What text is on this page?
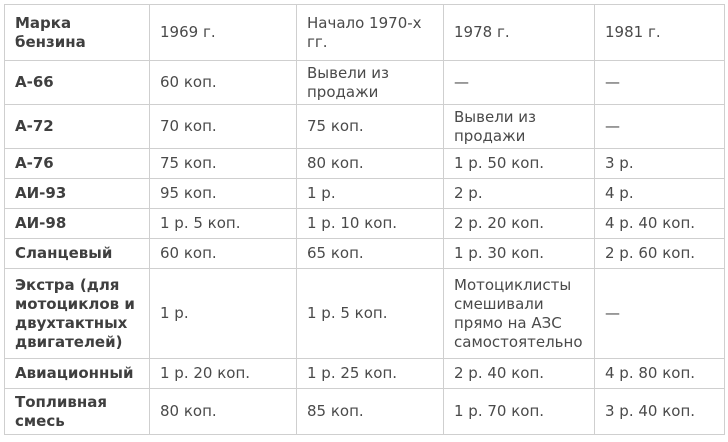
Марка бензина	1969 г.	Начало 1970-х гг.	1978 г.	1981 г.
А-66	60 коп.	Вывели из продажи	—	—
А-72	70 коп.	75 коп.	Вывели из продажи	—
А-76	75 коп.	80 коп.	1 р. 50 коп.	3 р.
АИ-93	95 коп.	1 р.	2 р.	4 р.
АИ-98	1 р. 5 коп.	1 р. 10 коп.	2 р. 20 коп.	4 р. 40 коп.
Сланцевый	60 коп.	65 коп.	1 р. 30 коп.	2 р. 60 коп.
Экстра (для мотоциклов и двухтактных двигателей)	1 р.	1 р. 5 коп.	Мотоциклисты смешивали прямо на АЗС самостоятельно	—
Авиационный	1 р. 20 коп.	1 р. 25 коп.	2 р. 40 коп.	4 р. 80 коп.
Топливная смесь	80 коп.	85 коп.	1 р. 70 коп.	3 р. 40 коп.
